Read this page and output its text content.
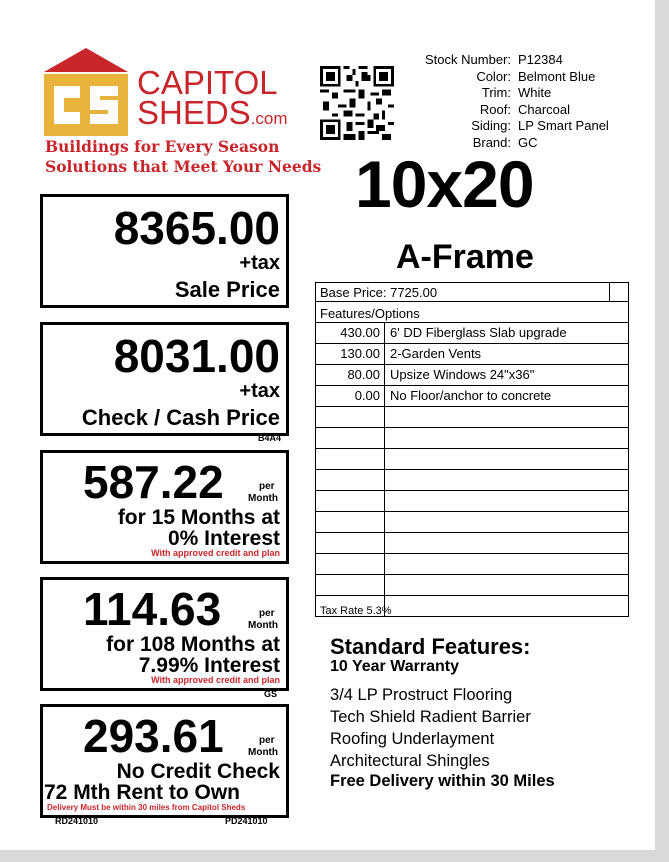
CAPITOL
SHEDS.com
Buildings for Every Season
Solutions that Meet Your Needs
8365.00
+tax
Sale Price
8031.00
+tax
Check / Cash Price
B4A4
587.22	per
Month
for 15 Months at
0% Interest
With approved credit and plan
114.63	per
Month
for 108 Months at
7.99% Interest
With approved credit and plan
GS
293.61	per
Month
No Credit Check
72 Mth Rent to Own
Delivery Must be within 30 miles from Capitol Sheds
RD241010	PD241010
Stock Number: P12384
Color: Belmont Blue
Trim: White
Roof: Charcoal
Siding: LP Smart Panel
Brand: GC
10x20
A-Frame
Base Price: 7725.00
Features/Options
430.00 6' DD Fiberglass Slab upgrade
130.00 2-Garden Vents
80.00 Upsize Windows 24"x36"
0.00 No Floor/anchor to concrete
Tax Rate 5.3%
Standard Features:
10 Year Warranty
3/4 LP Prostruct Flooring
Tech Shield Radient Barrier
Roofing Underlayment
Architectural Shingles
Free Delivery within 30 Miles
